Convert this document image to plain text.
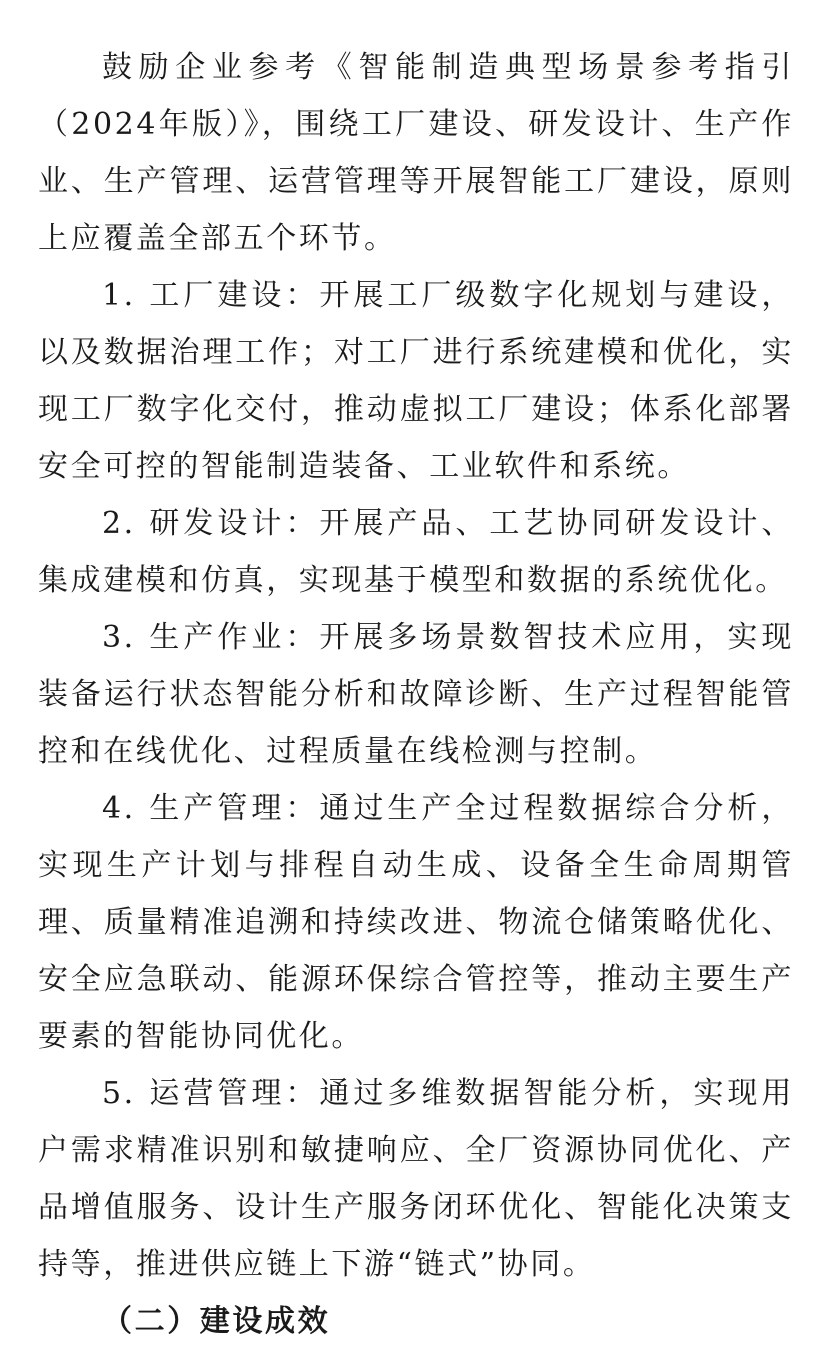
鼓励企业参考《智能制造典型场景参考指引（2024年版）》，围绕工厂建设、研发设计、生产作业、生产管理、运营管理等开展智能工厂建设，原则上应覆盖全部五个环节。

1. 工厂建设：开展工厂级数字化规划与建设，以及数据治理工作；对工厂进行系统建模和优化，实现工厂数字化交付，推动虚拟工厂建设；体系化部署安全可控的智能制造装备、工业软件和系统。

2. 研发设计：开展产品、工艺协同研发设计、集成建模和仿真，实现基于模型和数据的系统优化。

3. 生产作业：开展多场景数智技术应用，实现装备运行状态智能分析和故障诊断、生产过程智能管控和在线优化、过程质量在线检测与控制。

4. 生产管理：通过生产全过程数据综合分析，实现生产计划与排程自动生成、设备全生命周期管理、质量精准追溯和持续改进、物流仓储策略优化、安全应急联动、能源环保综合管控等，推动主要生产要素的智能协同优化。

5. 运营管理：通过多维数据智能分析，实现用户需求精准识别和敏捷响应、全厂资源协同优化、产品增值服务、设计生产服务闭环优化、智能化决策支持等，推进供应链上下游“链式”协同。

（二）建设成效
